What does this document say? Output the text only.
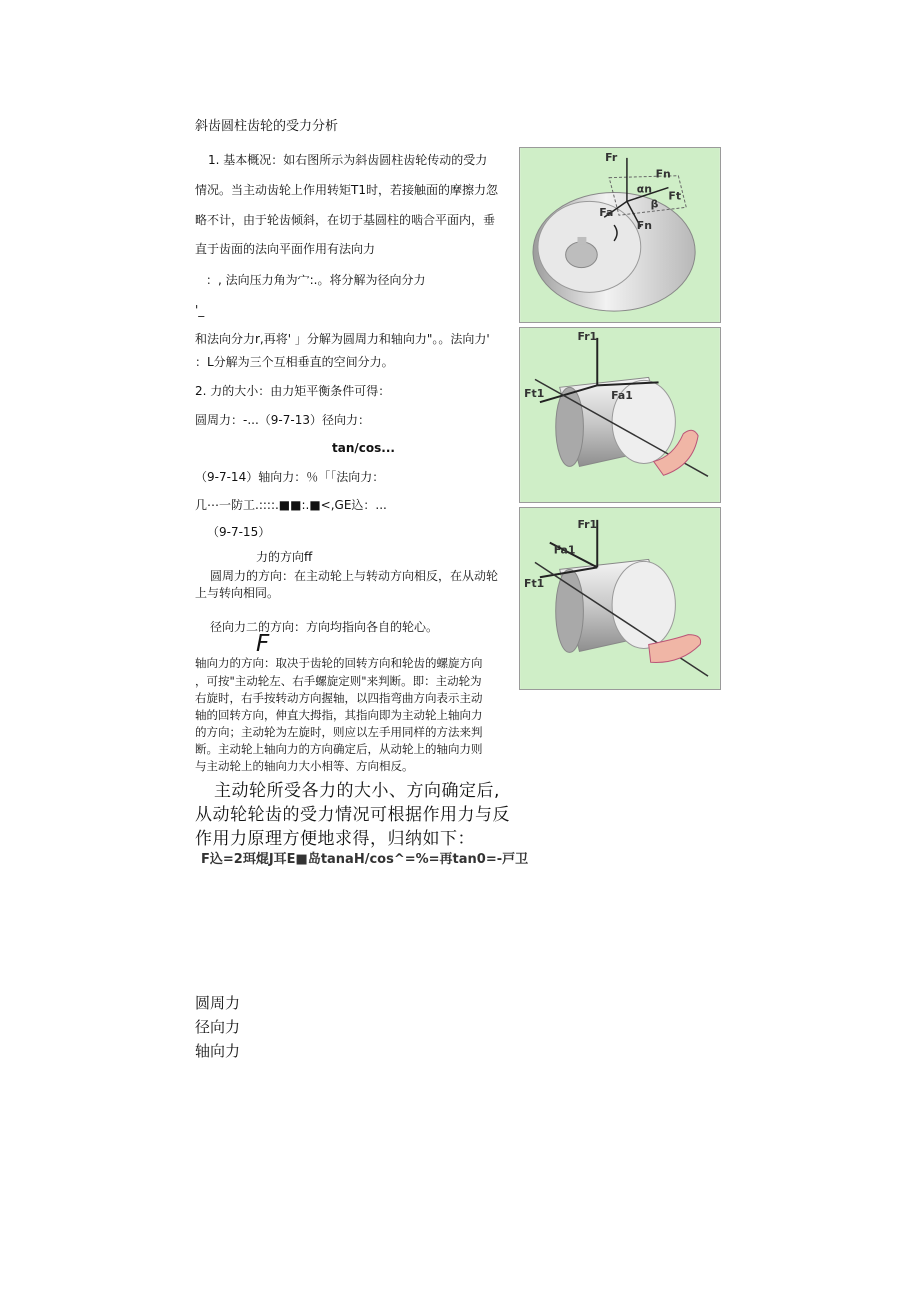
斜齿圆柱齿轮的受力分析
1. 基本概况：如右图所示为斜齿圆柱齿轮传动的受力
情况。当主动齿轮上作用转矩T1时，若接触面的摩擦力忽
略不计，由于轮齿倾斜，在切于基圆柱的啮合平面内，垂
直于齿面的法向平面作用有法向力
：, 法向压力角为宀:.。将分解为径向分力
'_
和法向分力r,再将' 」分解为圆周力和轴向力"。。法向力'
：L分解为三个互相垂直的空间分力。
2. 力的大小：由力矩平衡条件可得：
圆周力：-...（9-7-13）径向力：
tan/cos...
（9-7-14）轴向力：％「「法向力：
几⋯一防工.::::.■■:.■<,GE込：...
（9-7-15）
力的方向ff
圆周力的方向：在主动轮上与转动方向相反，在从动轮
上与转向相同。
径向力二的方向：方向均指向各自的轮心。
F
轴向力的方向：取决于齿轮的回转方向和轮齿的螺旋方向
，可按"主动轮左、右手螺旋定则"来判断。即：主动轮为
右旋时，右手按转动方向握轴，以四指弯曲方向表示主动
轴的回转方向，伸直大拇指，其指向即为主动轮上轴向力
的方向；主动轮为左旋时，则应以左手用同样的方法来判
断。主动轮上轴向力的方向确定后，从动轮上的轴向力则
与主动轮上的轴向力大小相等、方向相反。
主动轮所受各力的大小、方向确定后,
从动轮轮齿的受力情况可根据作用力与反
作用力原理方便地求得，归纳如下：
F込=2珥焜J耳E■岛tanaH/cos^=%=再tan0=-戸卫
圆周力
径向力
轴向力
Fr
Fn
Ft
Fa
Fn
β
αn
Fr1
Ft1	Fa1
Fr1
Fa1
Ft1
